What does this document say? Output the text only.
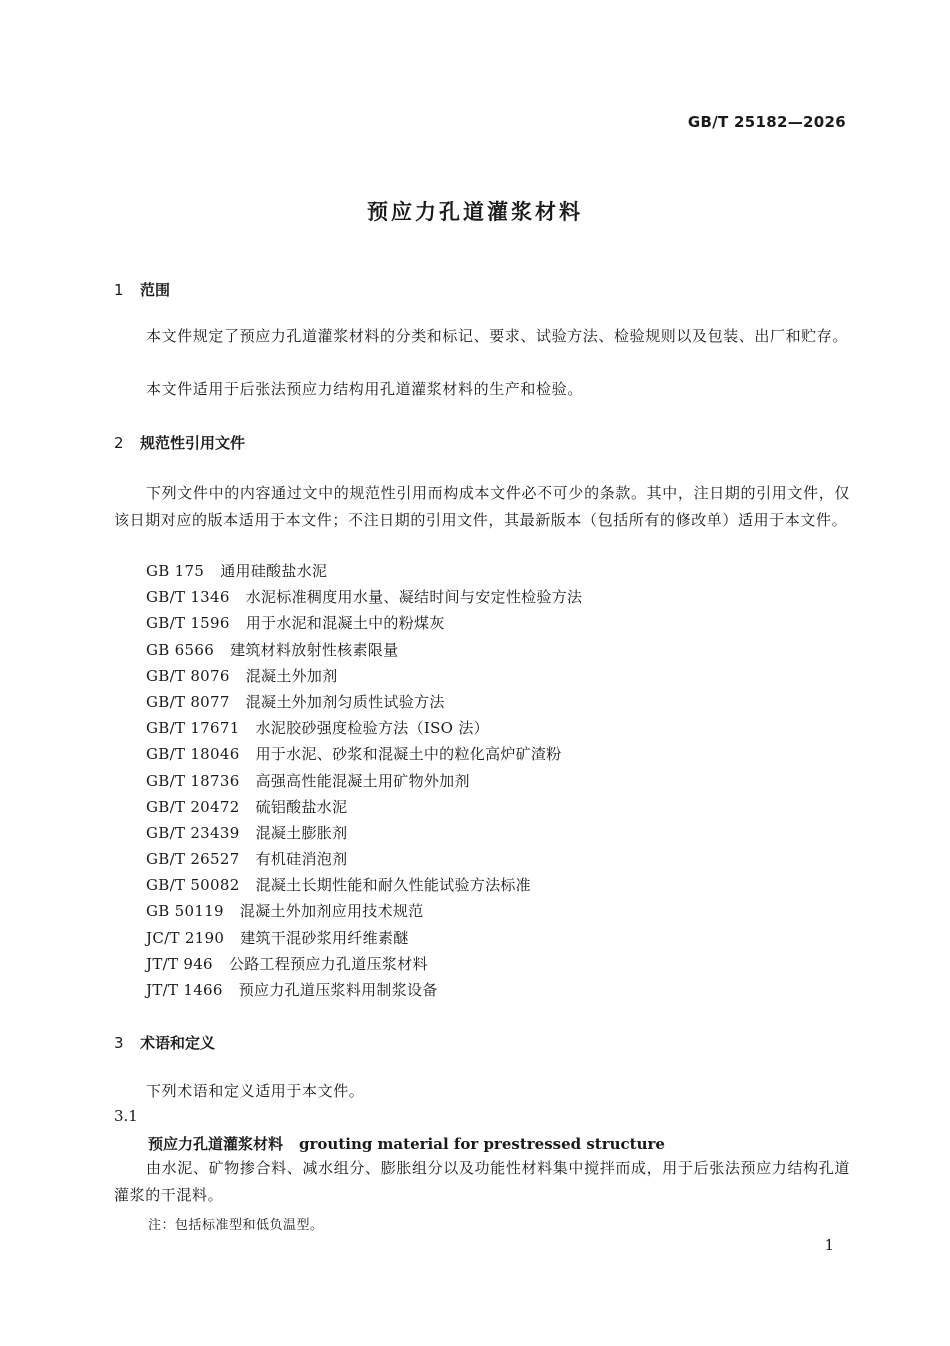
GB/T 25182—2026
预应力孔道灌浆材料
1 范围

本文件规定了预应力孔道灌浆材料的分类和标记、要求、试验方法、检验规则以及包装、出厂和贮存。

本文件适用于后张法预应力结构用孔道灌浆材料的生产和检验。

2 规范性引用文件

下列文件中的内容通过文中的规范性引用而构成本文件必不可少的条款。其中，注日期的引用文件，仅该日期对应的版本适用于本文件；不注日期的引用文件，其最新版本（包括所有的修改单）适用于本文件。

GB 175 通用硅酸盐水泥
GB/T 1346 水泥标准稠度用水量、凝结时间与安定性检验方法
GB/T 1596 用于水泥和混凝土中的粉煤灰
GB 6566 建筑材料放射性核素限量
GB/T 8076 混凝土外加剂
GB/T 8077 混凝土外加剂匀质性试验方法
GB/T 17671 水泥胶砂强度检验方法（ISO 法）
GB/T 18046 用于水泥、砂浆和混凝土中的粒化高炉矿渣粉
GB/T 18736 高强高性能混凝土用矿物外加剂
GB/T 20472 硫铝酸盐水泥
GB/T 23439 混凝土膨胀剂
GB/T 26527 有机硅消泡剂
GB/T 50082 混凝土长期性能和耐久性能试验方法标准
GB 50119 混凝土外加剂应用技术规范
JC/T 2190 建筑干混砂浆用纤维素醚
JT/T 946 公路工程预应力孔道压浆材料
JT/T 1466 预应力孔道压浆料用制浆设备
3 术语和定义

下列术语和定义适用于本文件。

3.1
预应力孔道灌浆材料 grouting material for prestressed structure

由水泥、矿物掺合料、减水组分、膨胀组分以及功能性材料集中搅拌而成，用于后张法预应力结构孔道灌浆的干混料。

注：包括标准型和低负温型。
1
